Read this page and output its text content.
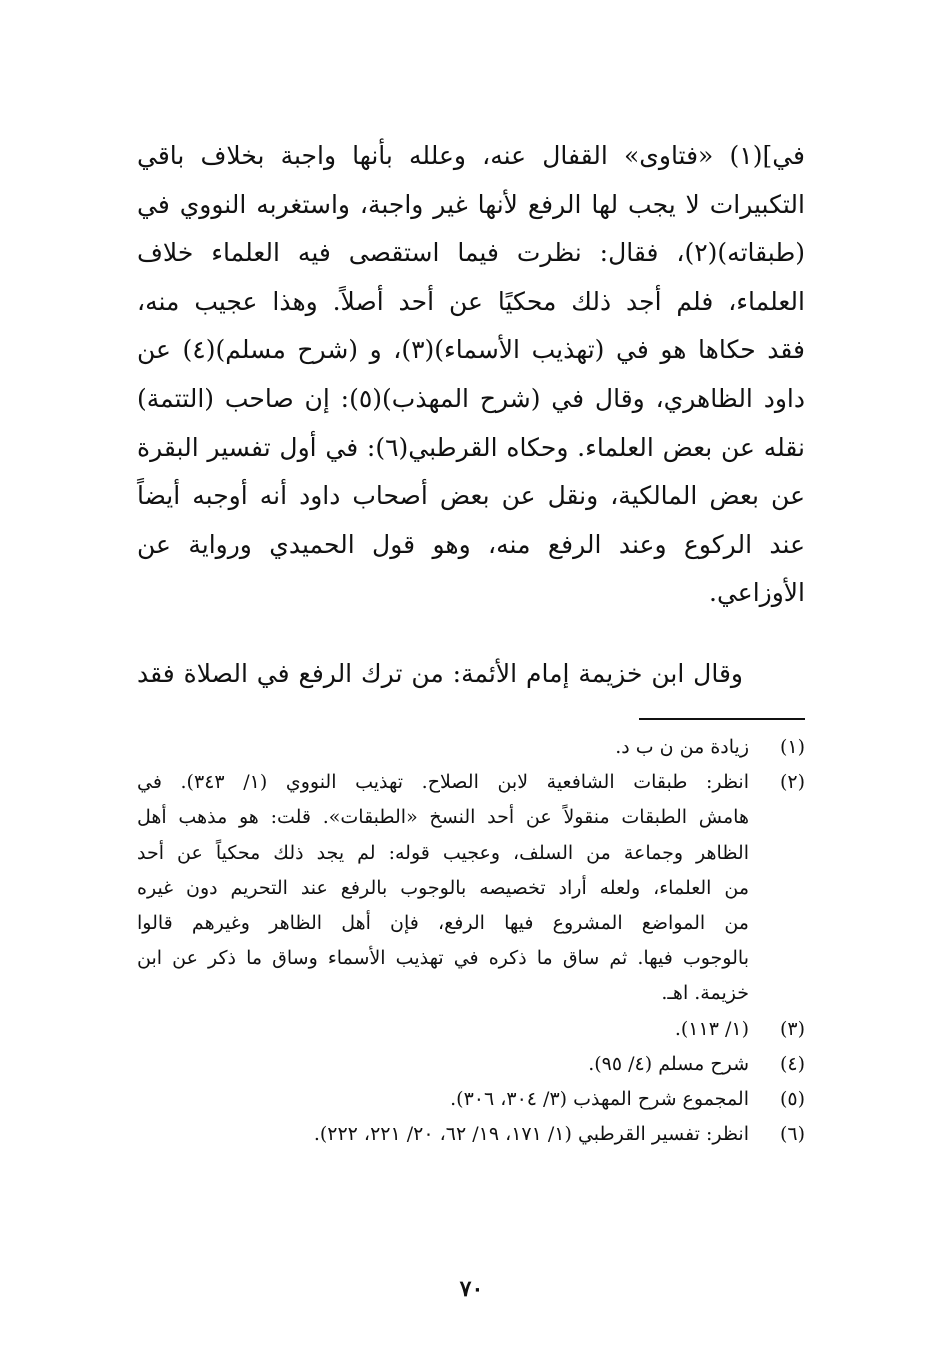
في](١) «فتاوى» القفال عنه، وعلله بأنها واجبة بخلاف باقي
التكبيرات لا يجب لها الرفع لأنها غير واجبة، واستغربه النووي في
(طبقاته)(٢)، فقال: نظرت فيما استقصى فيه العلماء خلاف
العلماء، فلم أجد ذلك محكيًا عن أحد أصلاً. وهذا عجيب منه،
فقد حكاها هو في (تهذيب الأسماء)(٣)، و (شرح مسلم)(٤) عن
داود الظاهري، وقال في (شرح المهذب)(٥): إن صاحب (التتمة)
نقله عن بعض العلماء. وحكاه القرطبي(٦): في أول تفسير البقرة
عن بعض المالكية، ونقل عن بعض أصحاب داود أنه أوجبه أيضاً
عند الركوع وعند الرفع منه، وهو قول الحميدي ورواية عن
الأوزاعي.
وقال ابن خزيمة إمام الأئمة: من ترك الرفع في الصلاة فقد
(١)
زيادة من ن ب د.
(٢)
انظر: طبقات الشافعية لابن الصلاح. تهذيب النووي (١/ ٣٤٣). في
هامش الطبقات منقولاً عن أحد النسخ «الطبقات». قلت: هو مذهب أهل
الظاهر وجماعة من السلف، وعجيب قوله: لم يجد ذلك محكياً عن أحد
من العلماء، ولعله أراد تخصيصه بالوجوب بالرفع عند التحريم دون غيره
من المواضع المشروع فيها الرفع، فإن أهل الظاهر وغيرهم قالوا
بالوجوب فيها. ثم ساق ما ذكره في تهذيب الأسماء وساق ما ذكر عن ابن
خزيمة. اهـ.
(٣)
(١/ ١١٣).
(٤)
شرح مسلم (٤/ ٩٥).
(٥)
المجموع شرح المهذب (٣/ ٣٠٤، ٣٠٦).
(٦)
انظر: تفسير القرطبي (١/ ١٧١، ١٩/ ٦٢، ٢٠/ ٢٢١، ٢٢٢).
٧٠
